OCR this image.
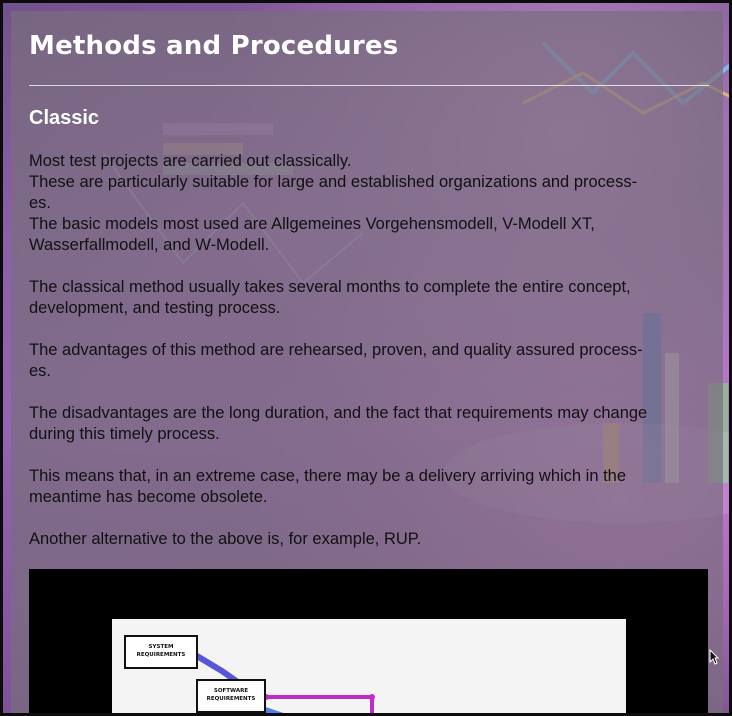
Methods and Procedures
Classic

Most test projects are carried out classically.
These are particularly suitable for large and established organizations and process-
es.
The basic models most used are Allgemeines Vorgehensmodell, V-Modell XT,
Wasserfallmodell, and W-Modell.

The classical method usually takes several months to complete the entire concept,
development, and testing process.

The advantages of this method are rehearsed, proven, and quality assured process-
es.

The disadvantages are the long duration, and the fact that requirements may change
during this timely process.

This means that, in an extreme case, there may be a delivery arriving which in the
meantime has become obsolete.

Another alternative to the above is, for example, RUP.

SYSTEM
REQUIREMENTS
SOFTWARE
REQUIREMENTS
